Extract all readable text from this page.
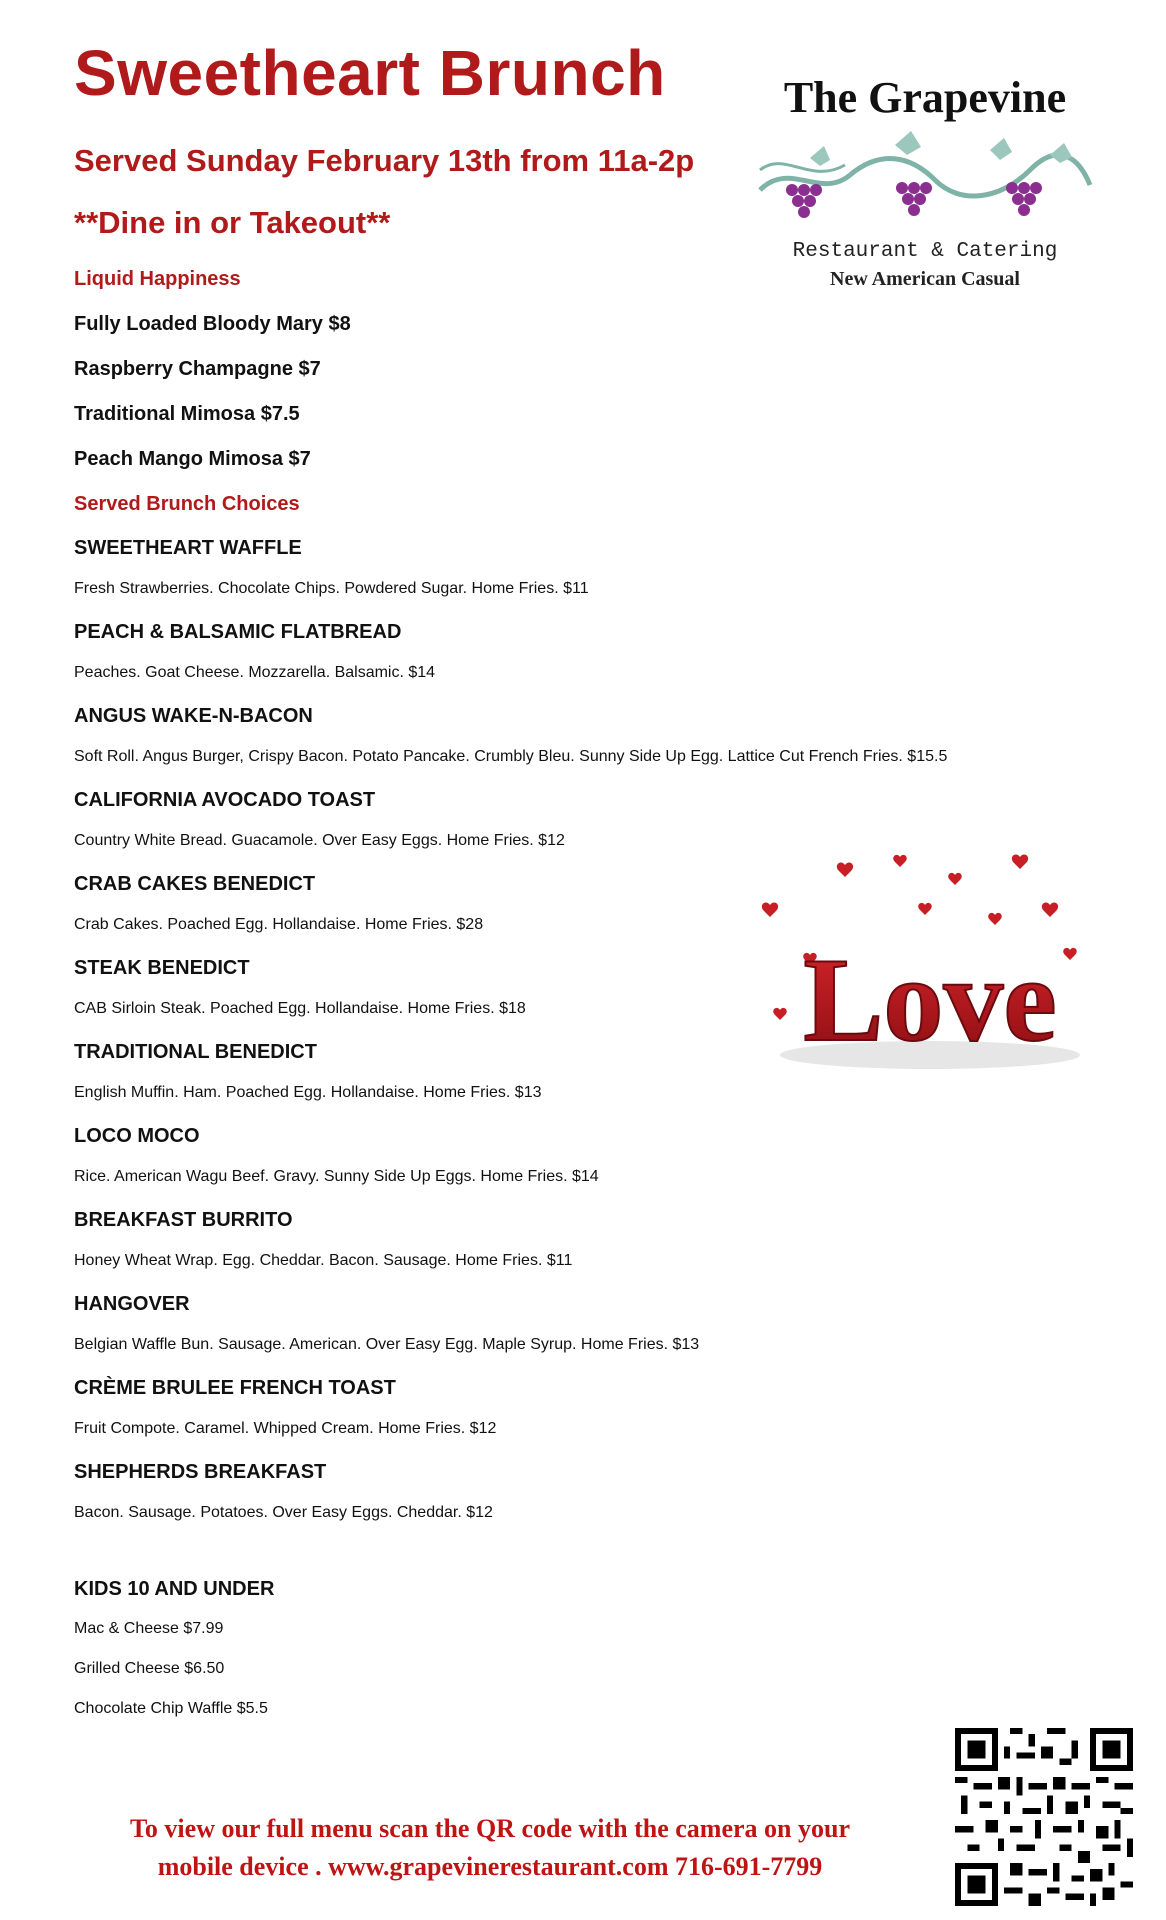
Sweetheart Brunch
Served Sunday February 13th from 11a-2p
**Dine in or Takeout**
The Grapevine
Restaurant & Catering
New American Casual
Liquid Happiness
Fully Loaded Bloody Mary $8
Raspberry Champagne $7
Traditional Mimosa $7.5
Peach Mango Mimosa $7
Served Brunch Choices
SWEETHEART WAFFLE
Fresh Strawberries. Chocolate Chips. Powdered Sugar. Home Fries. $11
PEACH & BALSAMIC FLATBREAD
Peaches. Goat Cheese. Mozzarella. Balsamic. $14
ANGUS WAKE-N-BACON
Soft Roll. Angus Burger, Crispy Bacon. Potato Pancake. Crumbly Bleu. Sunny Side Up Egg. Lattice Cut French Fries. $15.5
CALIFORNIA AVOCADO TOAST
Country White Bread. Guacamole. Over Easy Eggs. Home Fries. $12
CRAB CAKES BENEDICT
Crab Cakes. Poached Egg. Hollandaise. Home Fries. $28
STEAK BENEDICT
CAB Sirloin Steak. Poached Egg. Hollandaise. Home Fries. $18
TRADITIONAL BENEDICT
English Muffin. Ham. Poached Egg. Hollandaise. Home Fries. $13
LOCO MOCO
Rice. American Wagu Beef. Gravy. Sunny Side Up Eggs. Home Fries. $14
BREAKFAST BURRITO
Honey Wheat Wrap. Egg. Cheddar. Bacon. Sausage. Home Fries. $11
HANGOVER
Belgian Waffle Bun. Sausage. American. Over Easy Egg. Maple Syrup. Home Fries. $13
CRÈME BRULEE FRENCH TOAST
Fruit Compote. Caramel. Whipped Cream. Home Fries. $12
SHEPHERDS BREAKFAST
Bacon. Sausage. Potatoes. Over Easy Eggs. Cheddar. $12
KIDS 10 AND UNDER
Mac & Cheese $7.99
Grilled Cheese $6.50
Chocolate Chip Waffle $5.5
Love
To view our full menu scan the QR code with the camera on your
mobile device . www.grapevinerestaurant.com 716-691-7799
